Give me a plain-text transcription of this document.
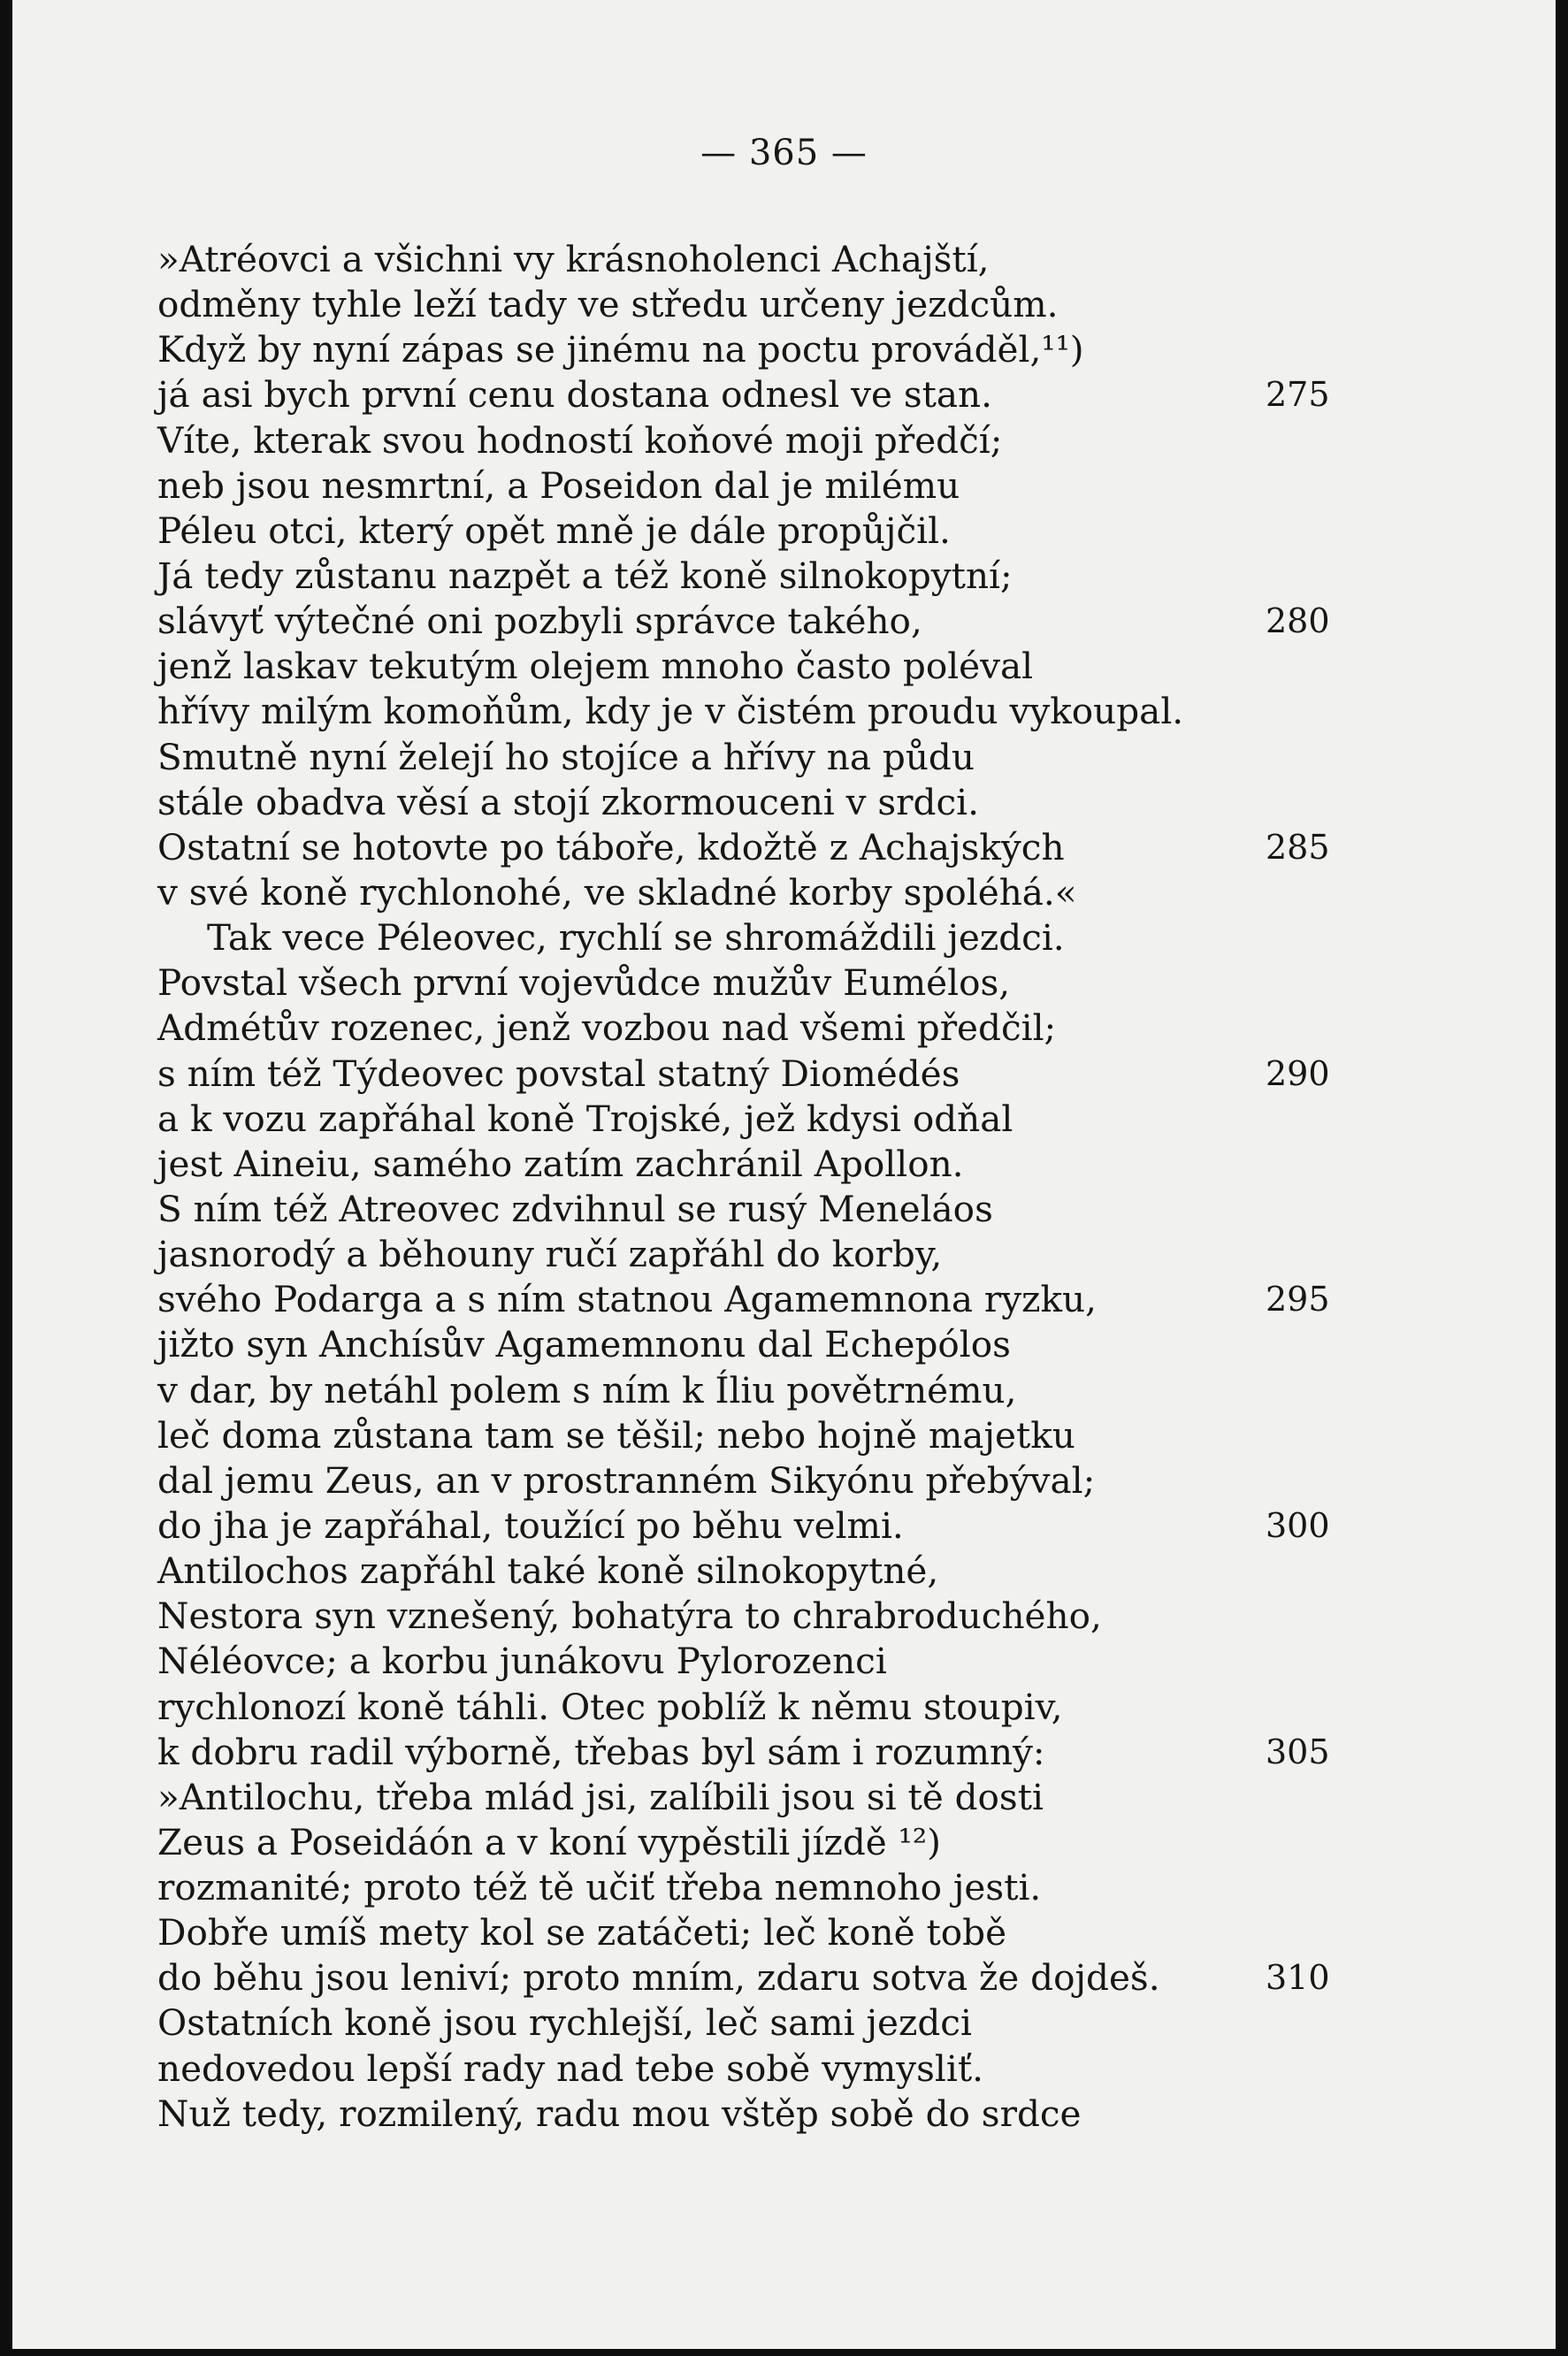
— 365 —
»Atréovci a všichni vy krásnoholenci Achajští,
odměny tyhle leží tady ve středu určeny jezdcům.
Když by nyní zápas se jinému na poctu prováděl,¹¹)
já asi bych první cenu dostana odnesl ve stan.	275
Víte, kterak svou hodností koňové moji předčí;
neb jsou nesmrtní, a Poseidon dal je milému
Péleu otci, který opět mně je dále propůjčil.
Já tedy zůstanu nazpět a též koně silnokopytní;
slávyť výtečné oni pozbyli správce takého,	280
jenž laskav tekutým olejem mnoho často poléval
hřívy milým komoňům, kdy je v čistém proudu vykoupal.
Smutně nyní želejí ho stojíce a hřívy na půdu
stále obadva věsí a stojí zkormouceni v srdci.
Ostatní se hotovte po táboře, kdožtě z Achajských	285
v své koně rychlonohé, ve skladné korby spoléhá.«
Tak vece Péleovec, rychlí se shromáždili jezdci.
Povstal všech první vojevůdce mužův Eumélos,
Admétův rozenec, jenž vozbou nad všemi předčil;
s ním též Týdeovec povstal statný Diomédés	290
a k vozu zapřáhal koně Trojské, jež kdysi odňal
jest Aineiu, samého zatím zachránil Apollon.
S ním též Atreovec zdvihnul se rusý Meneláos
jasnorodý a běhouny ručí zapřáhl do korby,
svého Podarga a s ním statnou Agamemnona ryzku,	295
jižto syn Anchísův Agamemnonu dal Echepólos
v dar, by netáhl polem s ním k Íliu povětrnému,
leč doma zůstana tam se těšil; nebo hojně majetku
dal jemu Zeus, an v prostranném Sikyónu přebýval;
do jha je zapřáhal, toužící po běhu velmi.	300
Antilochos zapřáhl také koně silnokopytné,
Nestora syn vznešený, bohatýra to chrabroduchého,
Néléovce; a korbu junákovu Pylorozenci
rychlonozí koně táhli. Otec poblíž k němu stoupiv,
k dobru radil výborně, třebas byl sám i rozumný:	305
»Antilochu, třeba mlád jsi, zalíbili jsou si tě dosti
Zeus a Poseidáón a v koní vypěstili jízdě ¹²)
rozmanité; proto též tě učiť třeba nemnoho jesti.
Dobře umíš mety kol se zatáčeti; leč koně tobě
do běhu jsou leniví; proto mním, zdaru sotva že dojdeš.	310
Ostatních koně jsou rychlejší, leč sami jezdci
nedovedou lepší rady nad tebe sobě vymysliť.
Nuž tedy, rozmilený, radu mou vštěp sobě do srdce
